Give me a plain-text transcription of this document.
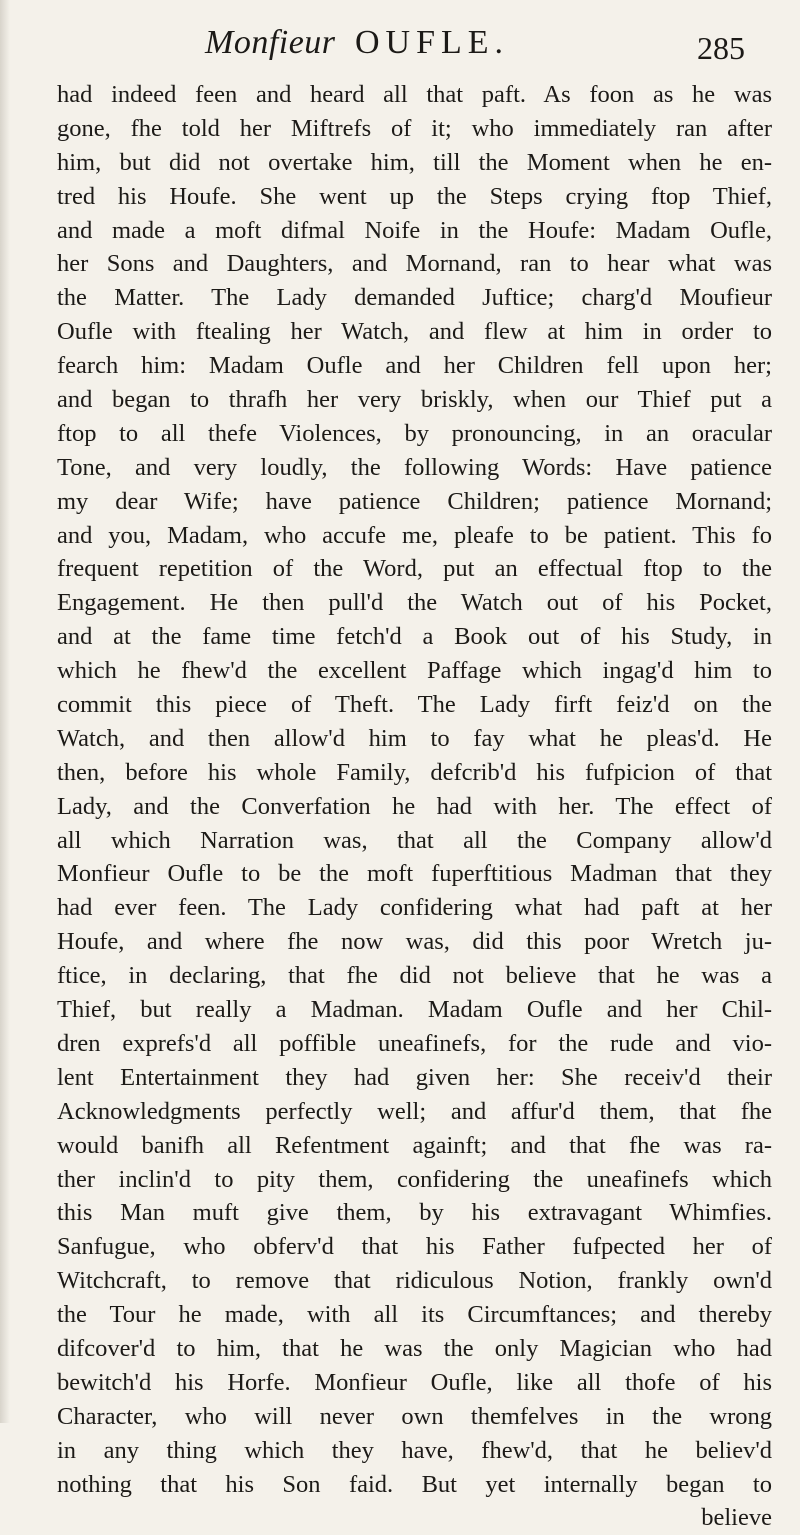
Monfieur OUFLE.	285
had indeed feen and heard all that paft. As foon as he was
gone, fhe told her Miftrefs of it; who immediately ran after
him, but did not overtake him, till the Moment when he en-
tred his Houfe. She went up the Steps crying ftop Thief,
and made a moft difmal Noife in the Houfe: Madam Oufle,
her Sons and Daughters, and Mornand, ran to hear what was
the Matter. The Lady demanded Juftice; charg'd Moufieur
Oufle with ftealing her Watch, and flew at him in order to
fearch him: Madam Oufle and her Children fell upon her;
and began to thrafh her very briskly, when our Thief put a
ftop to all thefe Violences, by pronouncing, in an oracular
Tone, and very loudly, the following Words: Have patience
my dear Wife; have patience Children; patience Mornand;
and you, Madam, who accufe me, pleafe to be patient. This fo
frequent repetition of the Word, put an effectual ftop to the
Engagement. He then pull'd the Watch out of his Pocket,
and at the fame time fetch'd a Book out of his Study, in
which he fhew'd the excellent Paffage which ingag'd him to
commit this piece of Theft. The Lady firft feiz'd on the
Watch, and then allow'd him to fay what he pleas'd. He
then, before his whole Family, defcrib'd his fufpicion of that
Lady, and the Converfation he had with her. The effect of
all which Narration was, that all the Company allow'd
Monfieur Oufle to be the moft fuperftitious Madman that they
had ever feen. The Lady confidering what had paft at her
Houfe, and where fhe now was, did this poor Wretch ju-
ftice, in declaring, that fhe did not believe that he was a
Thief, but really a Madman. Madam Oufle and her Chil-
dren exprefs'd all poffible uneafinefs, for the rude and vio-
lent Entertainment they had given her: She receiv'd their
Acknowledgments perfectly well; and affur'd them, that fhe
would banifh all Refentment againft; and that fhe was ra-
ther inclin'd to pity them, confidering the uneafinefs which
this Man muft give them, by his extravagant Whimfies.
Sanfugue, who obferv'd that his Father fufpected her of
Witchcraft, to remove that ridiculous Notion, frankly own'd
the Tour he made, with all its Circumftances; and thereby
difcover'd to him, that he was the only Magician who had
bewitch'd his Horfe. Monfieur Oufle, like all thofe of his
Character, who will never own themfelves in the wrong
in any thing which they have, fhew'd, that he believ'd
nothing that his Son faid. But yet internally began to
believe
